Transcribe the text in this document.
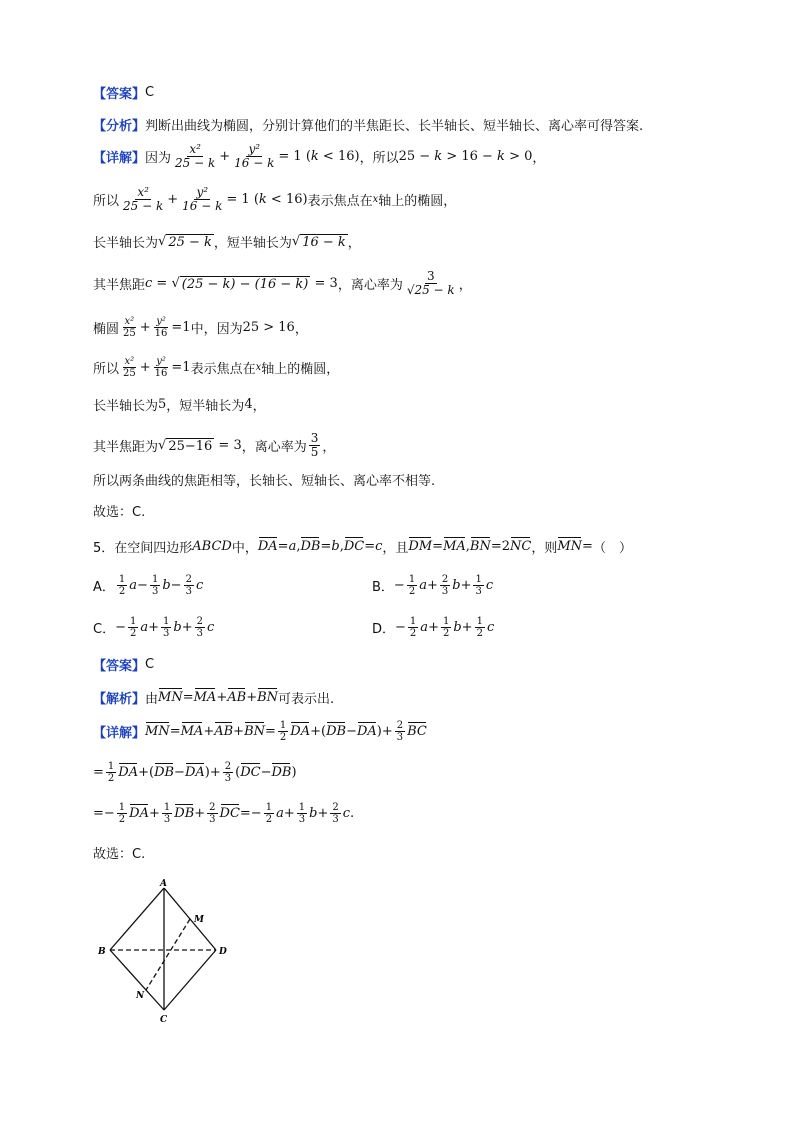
【答案】 C
【分析】 判断出曲线为椭圆，分别计算他们的半焦距长、长半轴长、短半轴长、离心率可得答案.
【详解】 因为 $\frac{\text{x²}}{25 - k} + \frac{\text{y²}}{16 - k} = 1$ (k < 16) ，所以 25 − k > 16 − k > 0 ，
所以 $\frac{\text{x²}}{25 - k} + \frac{\text{y²}}{16 - k} = 1$ (k < 16) 表示焦点在 x 轴上的椭圆，
长半轴长为 √ 25 − k ，短半轴长为 √ 16 − k ，
其半焦距 c = √ (25 − k) − (16 − k) = 3 ，离心率为 $\frac{3}{√25 - k}$ ，
椭圆 $\frac{\text{x²}}{25} + \frac{\text{y²}}{16} =1$ 中，因为 25 > 16 ，
所以 $\frac{\text{x²}}{25} + \frac{\text{y²}}{16} =1$ 表示焦点在 x 轴上的椭圆，
长半轴长为 5 ，短半轴长为 4 ，
其半焦距为 √ 25−16 = 3 ，离心率为 $\frac{3}{5}$ ，
所以两条曲线的焦距相等，长轴长、短轴长、离心率不相等.
故选：C.
5．在空间四边形 ABCD 中， DA =a, DB =b, DC =c ，且 DM = MA , BN =2 NC ，则 MN = （　）
A． $\frac{1}{2}$ $a - \frac{1}{3}$ $b - \frac{2}{3}$ c	B． − $\frac{1}{2}$ $a + \frac{2}{3}$ $b + \frac{1}{3}$ c
C． − $\frac{1}{2}$ $a + \frac{1}{3}$ $b + \frac{2}{3}$ c	D． − $\frac{1}{2}$ $a + \frac{1}{2}$ $b + \frac{1}{2}$ c
【答案】 C
【解析】 由 MN = MA + AB + BN 可表示出.
【详解】 MN = MA + AB + BN = $\frac{1}{2}$ DA +( DB − DA )+ $\frac{2}{3}$ BC
= $\frac{1}{2}$ DA +( DB − DA )+ $\frac{2}{3}$ ( DC − DB )
=− $\frac{1}{2}$ DA + $\frac{1}{3}$ DB + $\frac{2}{3}$ DC =− $\frac{1}{2}$ $a + \frac{1}{3}$ $b + \frac{2}{3}$ c .
故选：C.
A
B
C
D
M
N
